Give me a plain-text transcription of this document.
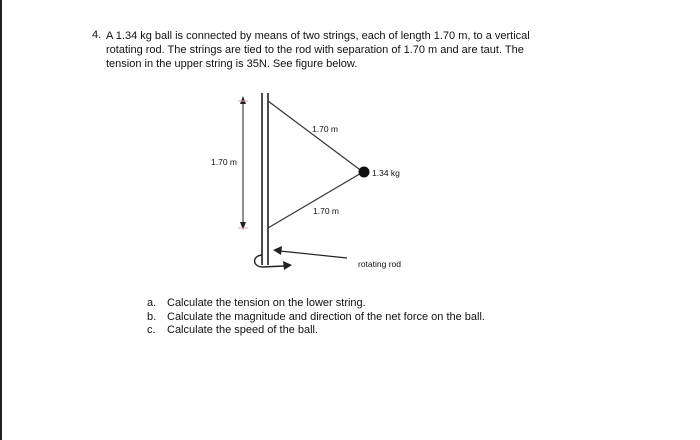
4. A 1.34 kg ball is connected by means of two strings, each of length 1.70 m, to a vertical
rotating rod. The strings are tied to the rod with separation of 1.70 m and are taut. The
tension in the upper string is 35N. See figure below.
1.70 m
1.70 m
1.34 kg
1.70 m
rotating rod
a. Calculate the tension on the lower string.
b. Calculate the magnitude and direction of the net force on the ball.
c.	Calculate the speed of the ball.
